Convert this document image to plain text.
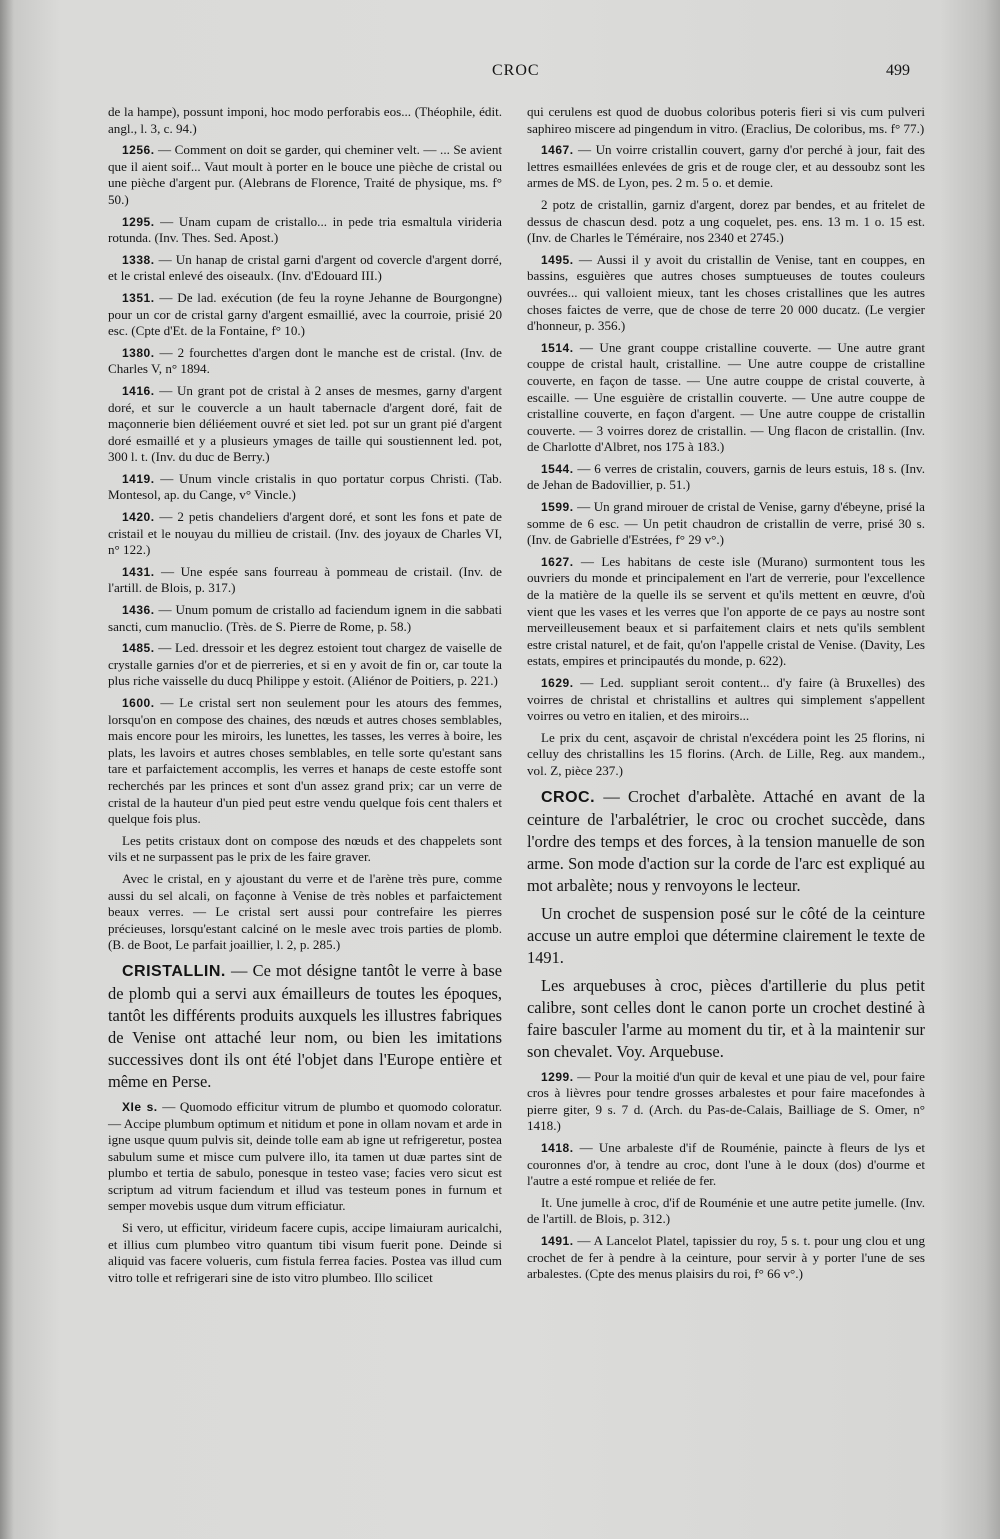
CROC	499

de la hampe), possunt imponi, hoc modo perforabis eos... (Théophile, édit. angl., l. 3, c. 94.)

1256. — Comment on doit se garder, qui cheminer velt. — ... Se avient que il aient soif... Vaut moult à porter en le bouce une pièche de cristal ou une pièche d'argent pur. (Alebrans de Florence, Traité de physique, ms. f° 50.)

1295. — Unam cupam de cristallo... in pede tria esmaltula virideria rotunda. (Inv. Thes. Sed. Apost.)

1338. — Un hanap de cristal garni d'argent od covercle d'argent dorré, et le cristal enlevé des oiseaulx. (Inv. d'Edouard III.)

1351. — De lad. exécution (de feu la royne Jehanne de Bourgongne) pour un cor de cristal garny d'argent esmaillié, avec la courroie, prisié 20 esc. (Cpte d'Et. de la Fontaine, f° 10.)

1380. — 2 fourchettes d'argen dont le manche est de cristal. (Inv. de Charles V, n° 1894.

1416. — Un grant pot de cristal à 2 anses de mesmes, garny d'argent doré, et sur le couvercle a un hault tabernacle d'argent doré, fait de maçonnerie bien déliéement ouvré et siet led. pot sur un grant pié d'argent doré esmaillé et y a plusieurs ymages de taille qui soustiennent led. pot, 300 l. t. (Inv. du duc de Berry.)

1419. — Unum vincle cristalis in quo portatur corpus Christi. (Tab. Montesol, ap. du Cange, v° Vincle.)

1420. — 2 petis chandeliers d'argent doré, et sont les fons et pate de cristail et le nouyau du millieu de cristail. (Inv. des joyaux de Charles VI, n° 122.)

1431. — Une espée sans fourreau à pommeau de cristail. (Inv. de l'artill. de Blois, p. 317.)

1436. — Unum pomum de cristallo ad faciendum ignem in die sabbati sancti, cum manuclio. (Très. de S. Pierre de Rome, p. 58.)

1485. — Led. dressoir et les degrez estoient tout chargez de vaiselle de crystalle garnies d'or et de pierreries, et si en y avoit de fin or, car toute la plus riche vaisselle du ducq Philippe y estoit. (Aliénor de Poitiers, p. 221.)

1600. — Le cristal sert non seulement pour les atours des femmes, lorsqu'on en compose des chaines, des nœuds et autres choses semblables, mais encore pour les miroirs, les lunettes, les tasses, les verres à boire, les plats, les lavoirs et autres choses semblables, en telle sorte qu'estant sans tare et parfaictement accomplis, les verres et hanaps de ceste estoffe sont recherchés par les princes et sont d'un assez grand prix; car un verre de cristal de la hauteur d'un pied peut estre vendu quelque fois cent thalers et quelque fois plus.

Les petits cristaux dont on compose des nœuds et des chappelets sont vils et ne surpassent pas le prix de les faire graver.

Avec le cristal, en y ajoustant du verre et de l'arène très pure, comme aussi du sel alcali, on façonne à Venise de très nobles et parfaictement beaux verres. — Le cristal sert aussi pour contrefaire les pierres précieuses, lorsqu'estant calciné on le mesle avec trois parties de plomb. (B. de Boot, Le parfait joaillier, l. 2, p. 285.)

CRISTALLIN. — Ce mot désigne tantôt le verre à base de plomb qui a servi aux émailleurs de toutes les époques, tantôt les différents produits auxquels les illustres fabriques de Venise ont attaché leur nom, ou bien les imitations successives dont ils ont été l'objet dans l'Europe entière et même en Perse.

XIe s. — Quomodo efficitur vitrum de plumbo et quomodo coloratur. — Accipe plumbum optimum et nitidum et pone in ollam novam et arde in igne usque quum pulvis sit, deinde tolle eam ab igne ut refrigeretur, postea sabulum sume et misce cum pulvere illo, ita tamen ut duæ partes sint de plumbo et tertia de sabulo, ponesque in testeo vase; facies vero sicut est scriptum ad vitrum faciendum et illud vas testeum pones in furnum et semper movebis usque dum vitrum efficiatur.

Si vero, ut efficitur, virideum facere cupis, accipe limaiuram auricalchi, et illius cum plumbeo vitro quantum tibi visum fuerit pone. Deinde si aliquid vas facere volueris, cum fistula ferrea facies. Postea vas illud cum vitro tolle et refrigerari sine de isto vitro plumbeo. Illo scilicet

qui cerulens est quod de duobus coloribus poteris fieri si vis cum pulveri saphireo miscere ad pingendum in vitro. (Eraclius, De coloribus, ms. f° 77.)

1467. — Un voirre cristallin couvert, garny d'or perché à jour, fait des lettres esmaillées enlevées de gris et de rouge cler, et au dessoubz sont les armes de MS. de Lyon, pes. 2 m. 5 o. et demie.

2 potz de cristallin, garniz d'argent, dorez par bendes, et au fritelet de dessus de chascun desd. potz a ung coquelet, pes. ens. 13 m. 1 o. 15 est. (Inv. de Charles le Téméraire, nos 2340 et 2745.)

1495. — Aussi il y avoit du cristallin de Venise, tant en couppes, en bassins, esguières que autres choses sumptueuses de toutes couleurs ouvrées... qui valloient mieux, tant les choses cristallines que les autres choses faictes de verre, que de chose de terre 20 000 ducatz. (Le vergier d'honneur, p. 356.)

1514. — Une grant couppe cristalline couverte. — Une autre grant couppe de cristal hault, cristalline. — Une autre couppe de cristalline couverte, en façon de tasse. — Une autre couppe de cristal couverte, à escaille. — Une esguière de cristallin couverte. — Une autre couppe de cristalline couverte, en façon d'argent. — Une autre couppe de cristallin couverte. — 3 voirres dorez de cristallin. — Ung flacon de cristallin. (Inv. de Charlotte d'Albret, nos 175 à 183.)

1544. — 6 verres de cristalin, couvers, garnis de leurs estuis, 18 s. (Inv. de Jehan de Badovillier, p. 51.)

1599. — Un grand mirouer de cristal de Venise, garny d'ébeyne, prisé la somme de 6 esc. — Un petit chaudron de cristallin de verre, prisé 30 s. (Inv. de Gabrielle d'Estrées, f° 29 v°.)

1627. — Les habitans de ceste isle (Murano) surmontent tous les ouvriers du monde et principalement en l'art de verrerie, pour l'excellence de la matière de la quelle ils se servent et qu'ils mettent en œuvre, d'où vient que les vases et les verres que l'on apporte de ce pays au nostre sont merveilleusement beaux et si parfaitement clairs et nets qu'ils semblent estre cristal naturel, et de fait, qu'on l'appelle cristal de Venise. (Davity, Les estats, empires et principautés du monde, p. 622).

1629. — Led. suppliant seroit content... d'y faire (à Bruxelles) des voirres de christal et christallins et aultres qui simplement s'appellent voirres ou vetro en italien, et des miroirs...

Le prix du cent, asçavoir de christal n'excédera point les 25 florins, ni celluy des christallins les 15 florins. (Arch. de Lille, Reg. aux mandem., vol. Z, pièce 237.)

CROC. — Crochet d'arbalète. Attaché en avant de la ceinture de l'arbalétrier, le croc ou crochet succède, dans l'ordre des temps et des forces, à la tension manuelle de son arme. Son mode d'action sur la corde de l'arc est expliqué au mot arbalète; nous y renvoyons le lecteur.

Un crochet de suspension posé sur le côté de la ceinture accuse un autre emploi que détermine clairement le texte de 1491.

Les arquebuses à croc, pièces d'artillerie du plus petit calibre, sont celles dont le canon porte un crochet destiné à faire basculer l'arme au moment du tir, et à la maintenir sur son chevalet. Voy. Arquebuse.

1299. — Pour la moitié d'un quir de keval et une piau de vel, pour faire cros à lièvres pour tendre grosses arbalestes et pour faire macefondes à pierre giter, 9 s. 7 d. (Arch. du Pas-de-Calais, Bailliage de S. Omer, n° 1418.)

1418. — Une arbaleste d'if de Rouménie, paincte à fleurs de lys et couronnes d'or, à tendre au croc, dont l'une à le doux (dos) d'ourme et l'autre a esté rompue et reliée de fer.

It. Une jumelle à croc, d'if de Rouménie et une autre petite jumelle. (Inv. de l'artill. de Blois, p. 312.)

1491. — A Lancelot Platel, tapissier du roy, 5 s. t. pour ung clou et ung crochet de fer à pendre à la ceinture, pour servir à y porter l'une de ses arbalestes. (Cpte des menus plaisirs du roi, f° 66 v°.)
